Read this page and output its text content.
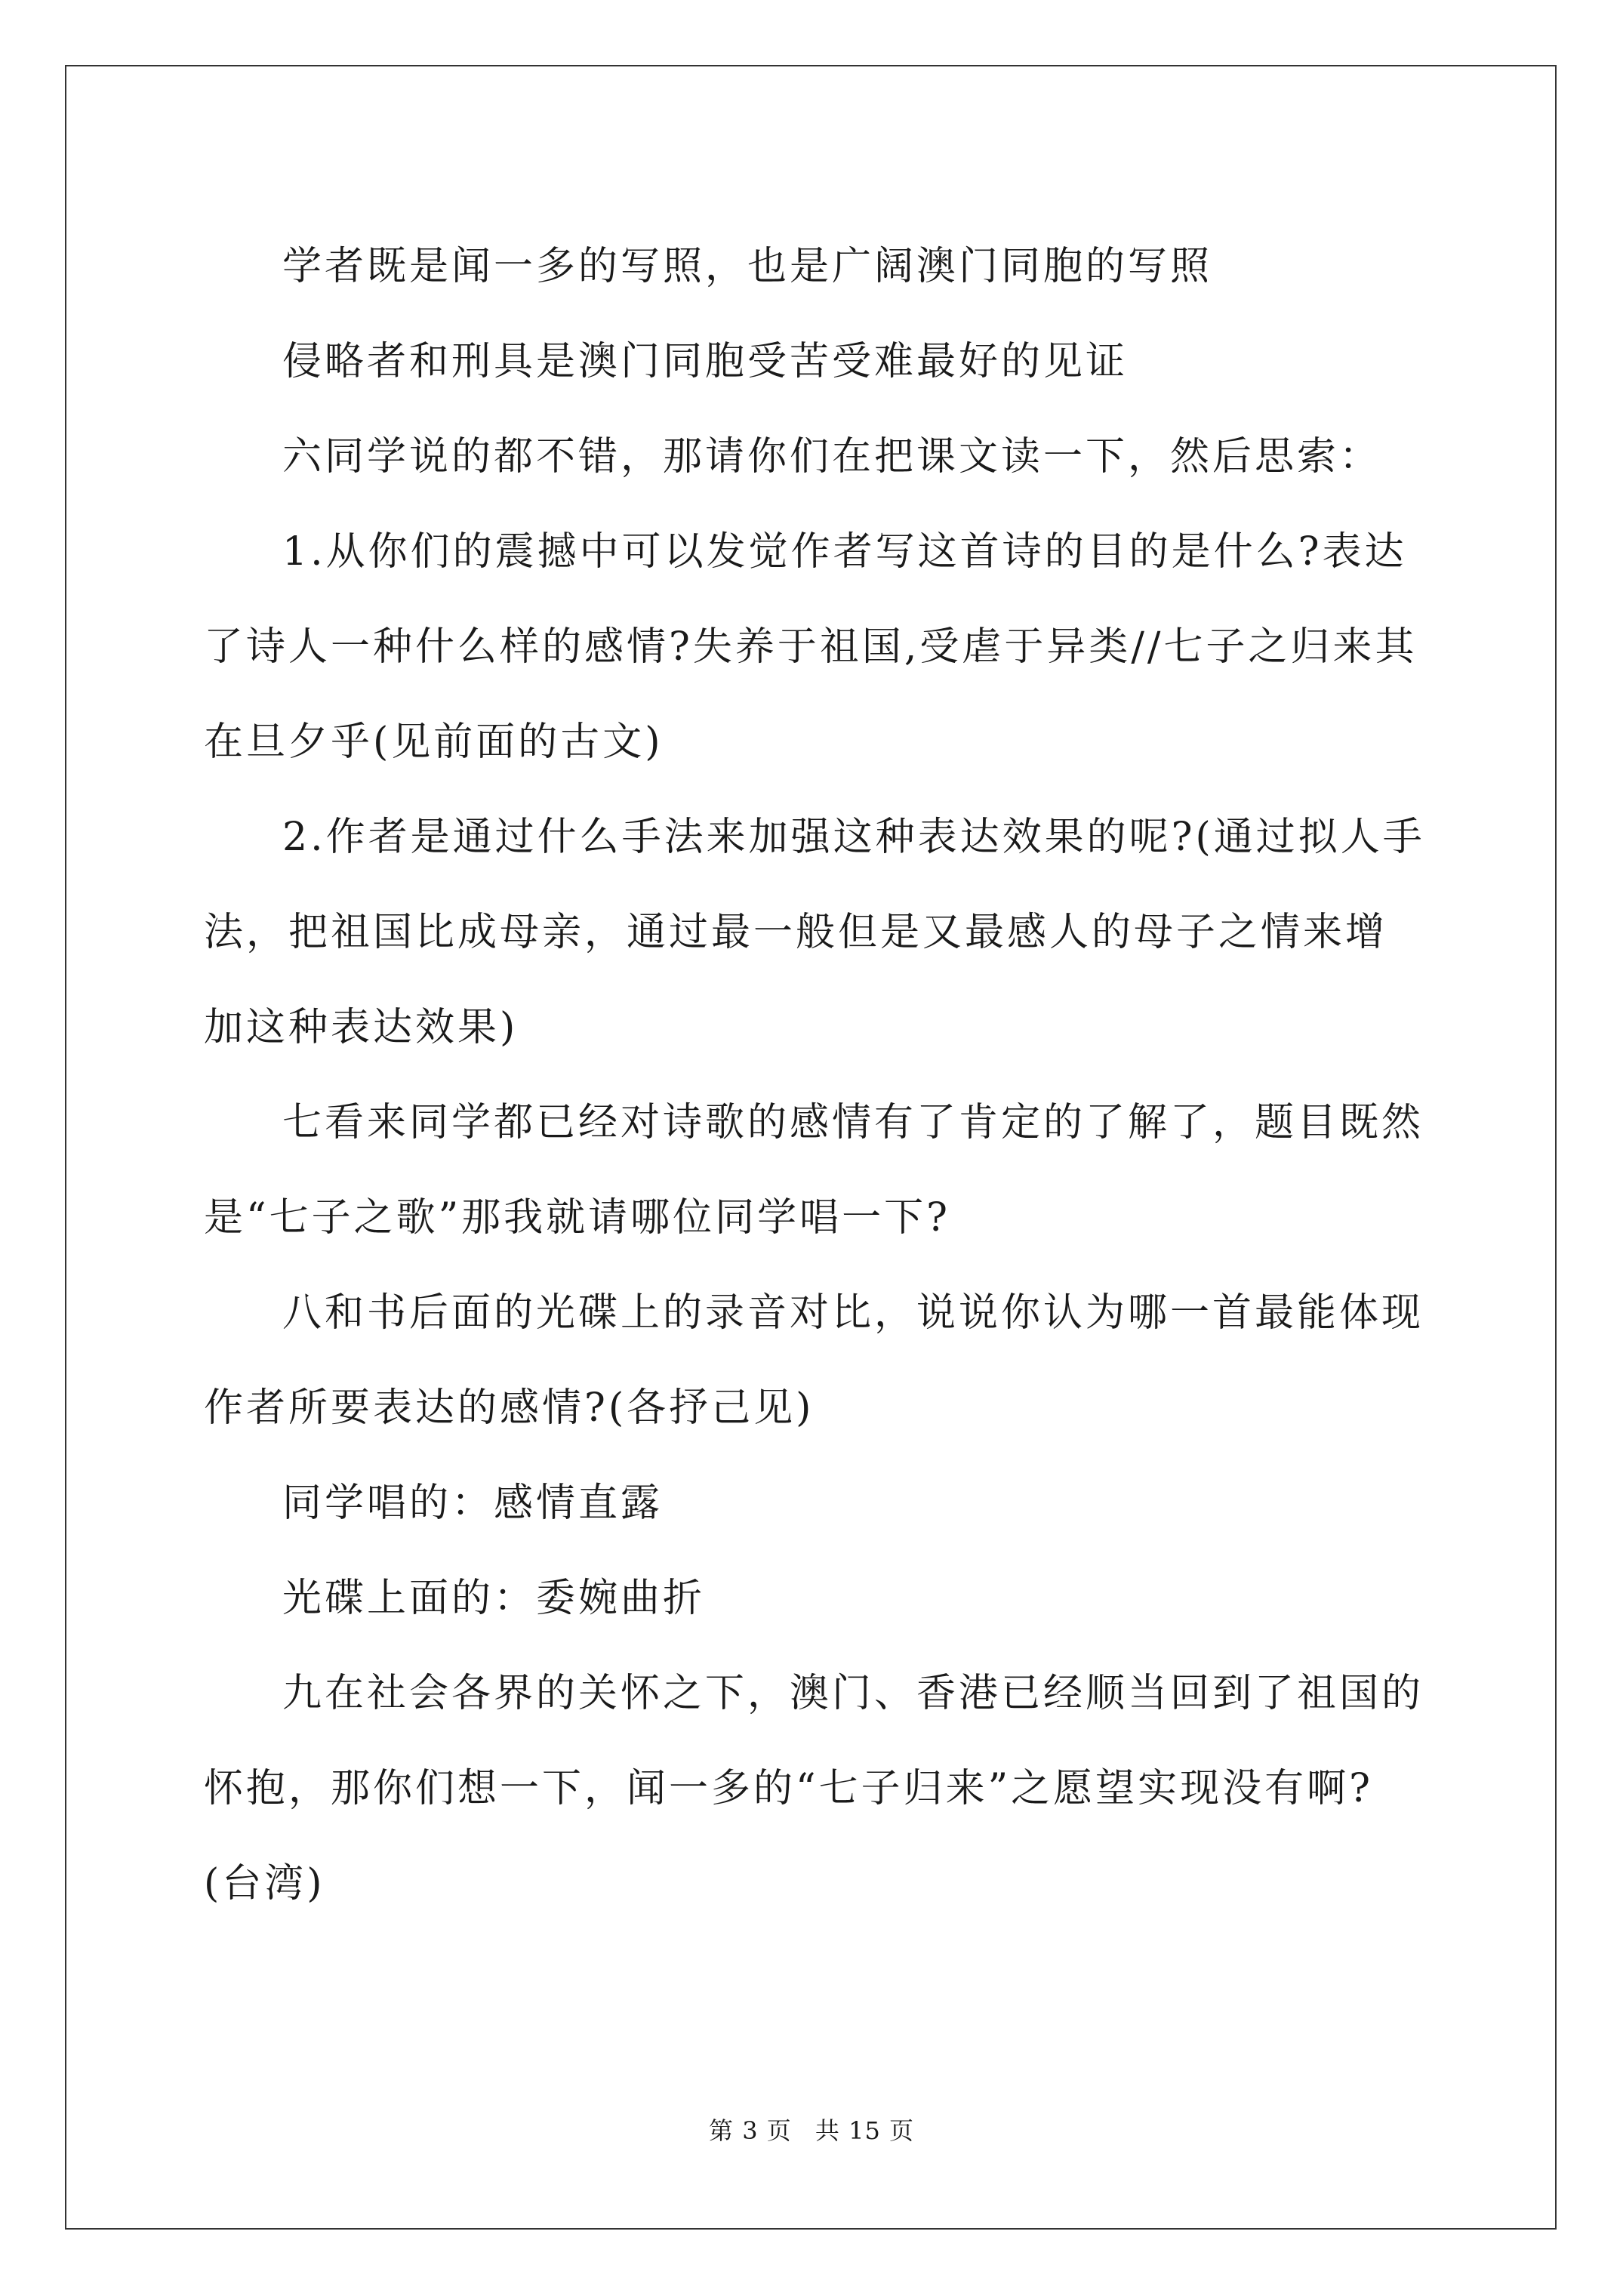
学者既是闻一多的写照，也是广阔澳门同胞的写照

侵略者和刑具是澳门同胞受苦受难最好的见证

六同学说的都不错，那请你们在把课文读一下，然后思索：

1.从你们的震撼中可以发觉作者写这首诗的目的是什么?表达了诗人一种什么样的感情?失养于祖国,受虐于异类//七子之归来其在旦夕乎(见前面的古文)

2.作者是通过什么手法来加强这种表达效果的呢?(通过拟人手法，把祖国比成母亲，通过最一般但是又最感人的母子之情来增加这种表达效果)

七看来同学都已经对诗歌的感情有了肯定的了解了，题目既然是“七子之歌”那我就请哪位同学唱一下?

八和书后面的光碟上的录音对比，说说你认为哪一首最能体现作者所要表达的感情?(各抒己见)

同学唱的：感情直露

光碟上面的：委婉曲折

九在社会各界的关怀之下，澳门、香港已经顺当回到了祖国的怀抱，那你们想一下，闻一多的“七子归来”之愿望实现没有啊?(台湾)

第 3 页 共 15 页
